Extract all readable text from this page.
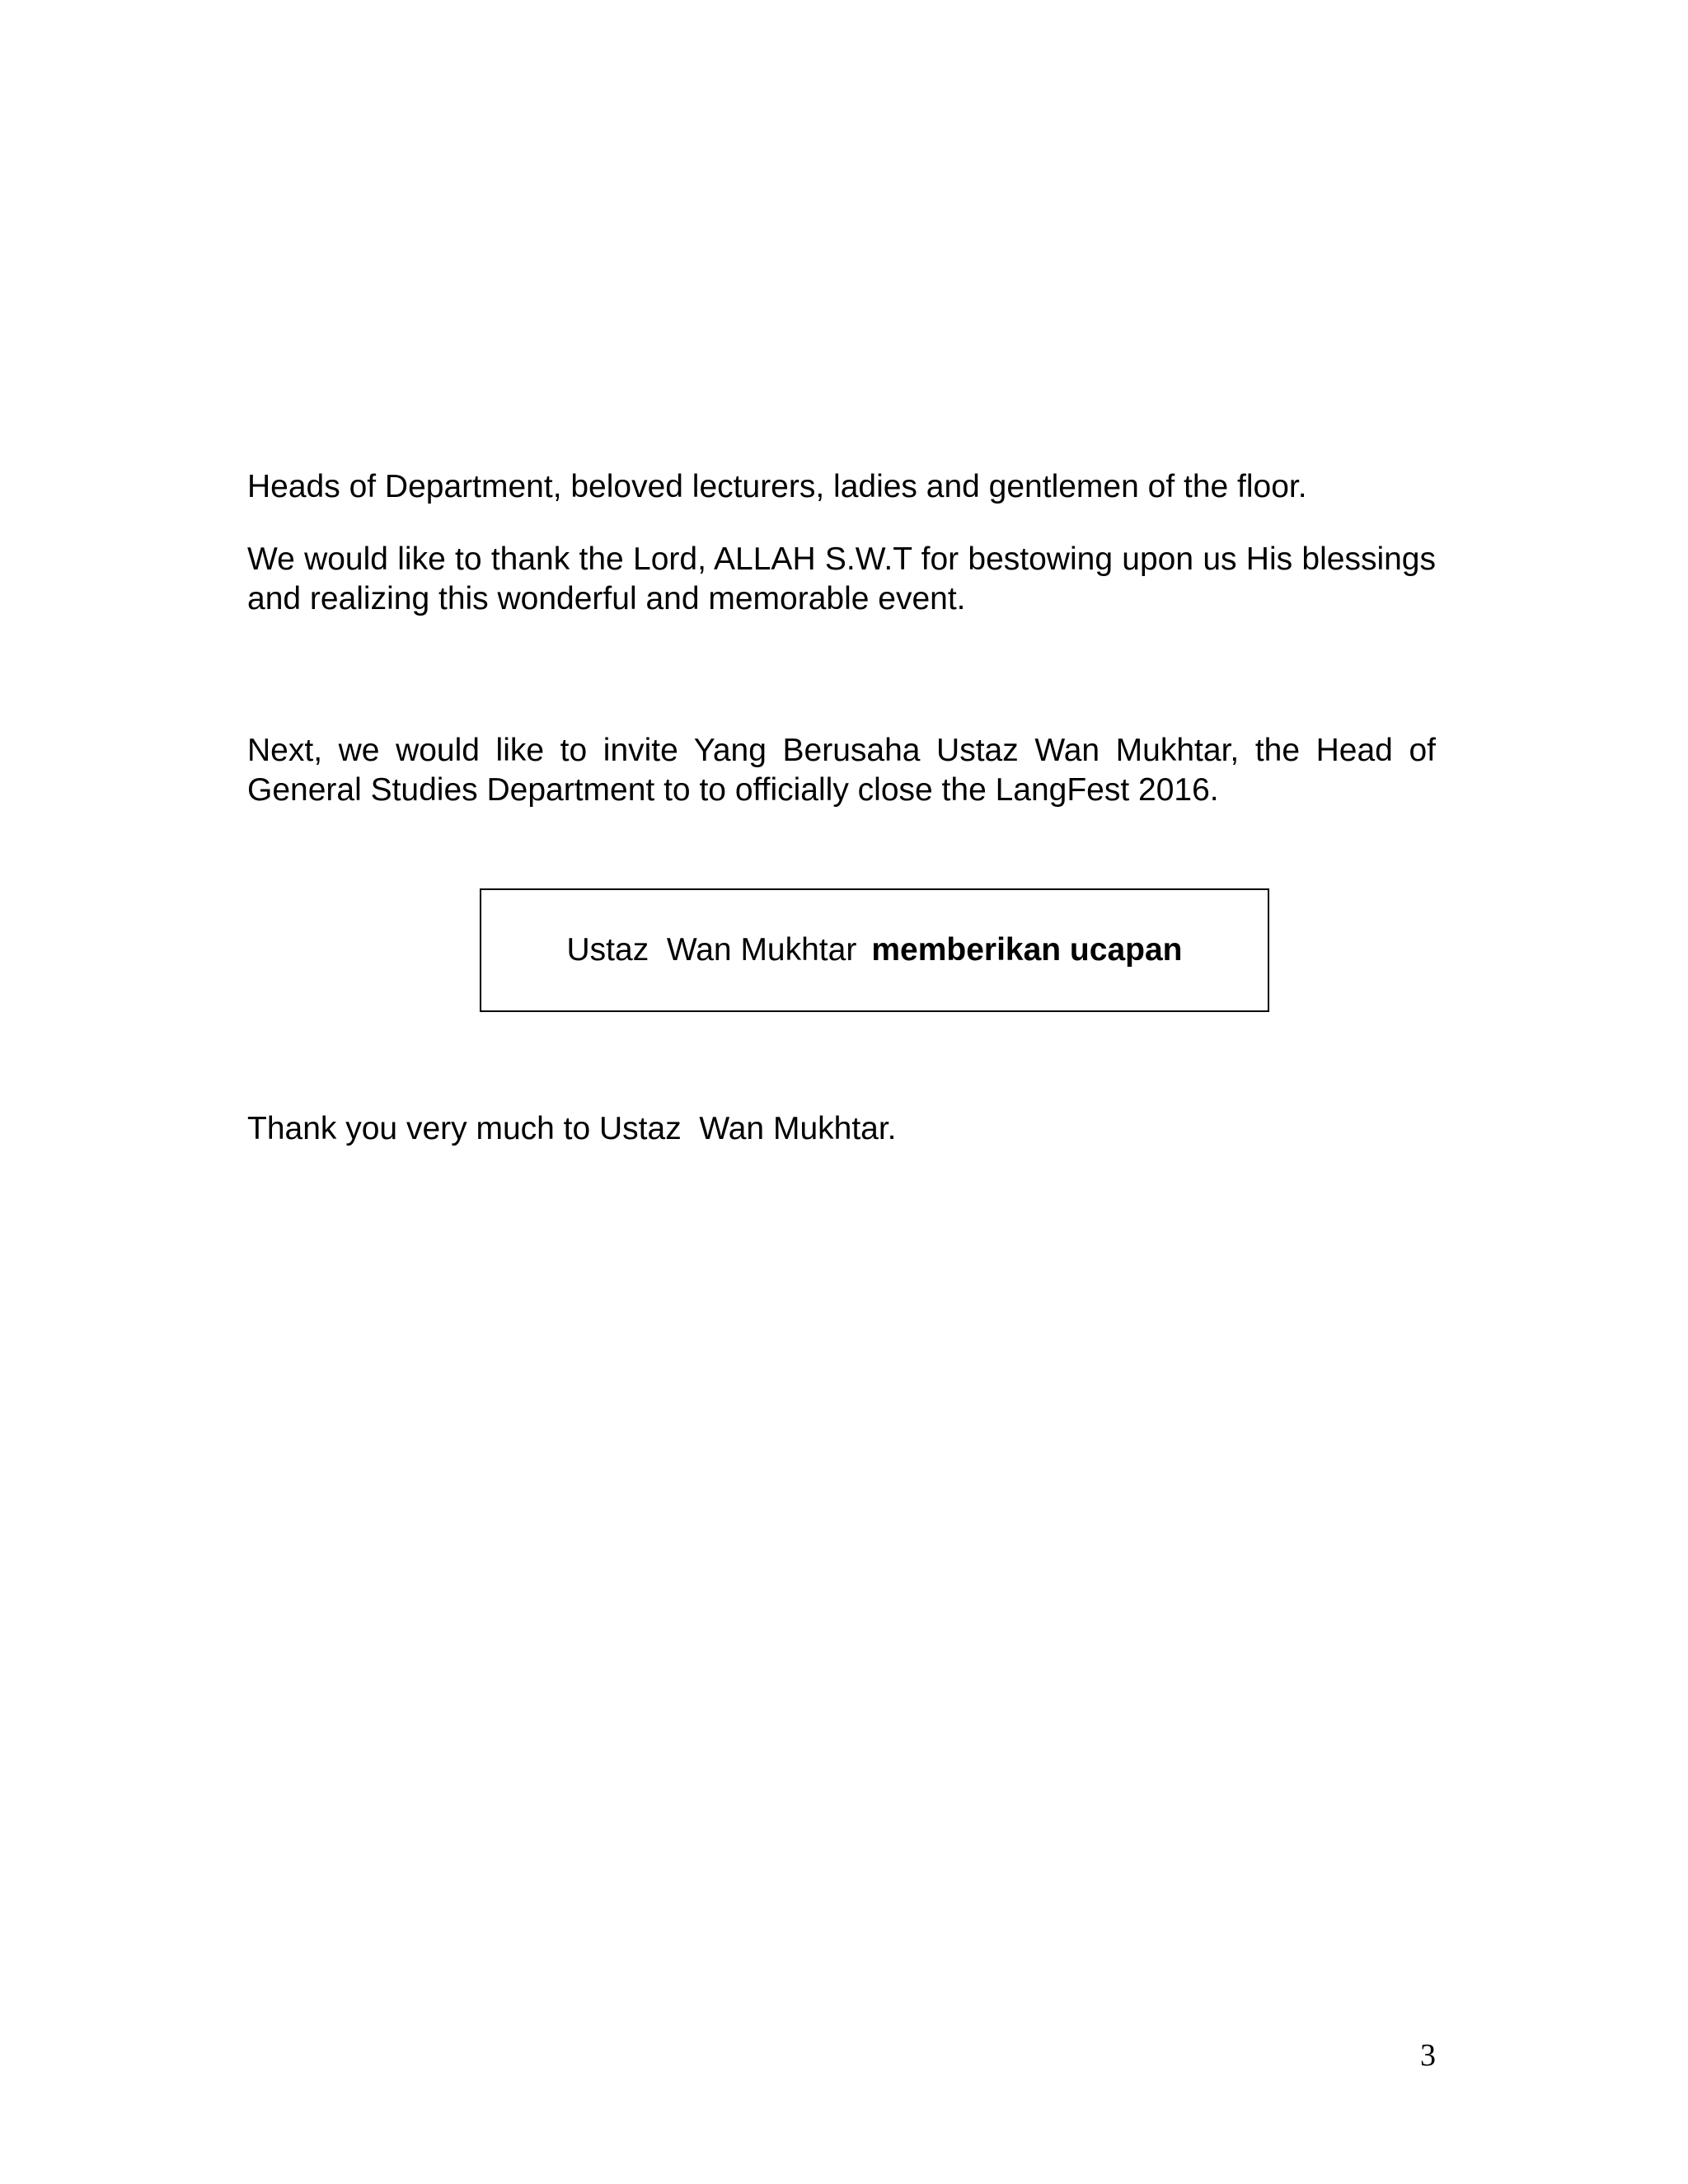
Heads of Department, beloved lecturers, ladies and gentlemen of the floor.

We would like to thank the Lord, ALLAH S.W.T for bestowing upon us His blessings and realizing this wonderful and memorable event.

Next, we would like to invite Yang Berusaha Ustaz Wan Mukhtar, the Head of General Studies Department to to officially close the LangFest 2016.

Ustaz  Wan Mukhtar memberikan ucapan

Thank you very much to Ustaz  Wan Mukhtar.

3
